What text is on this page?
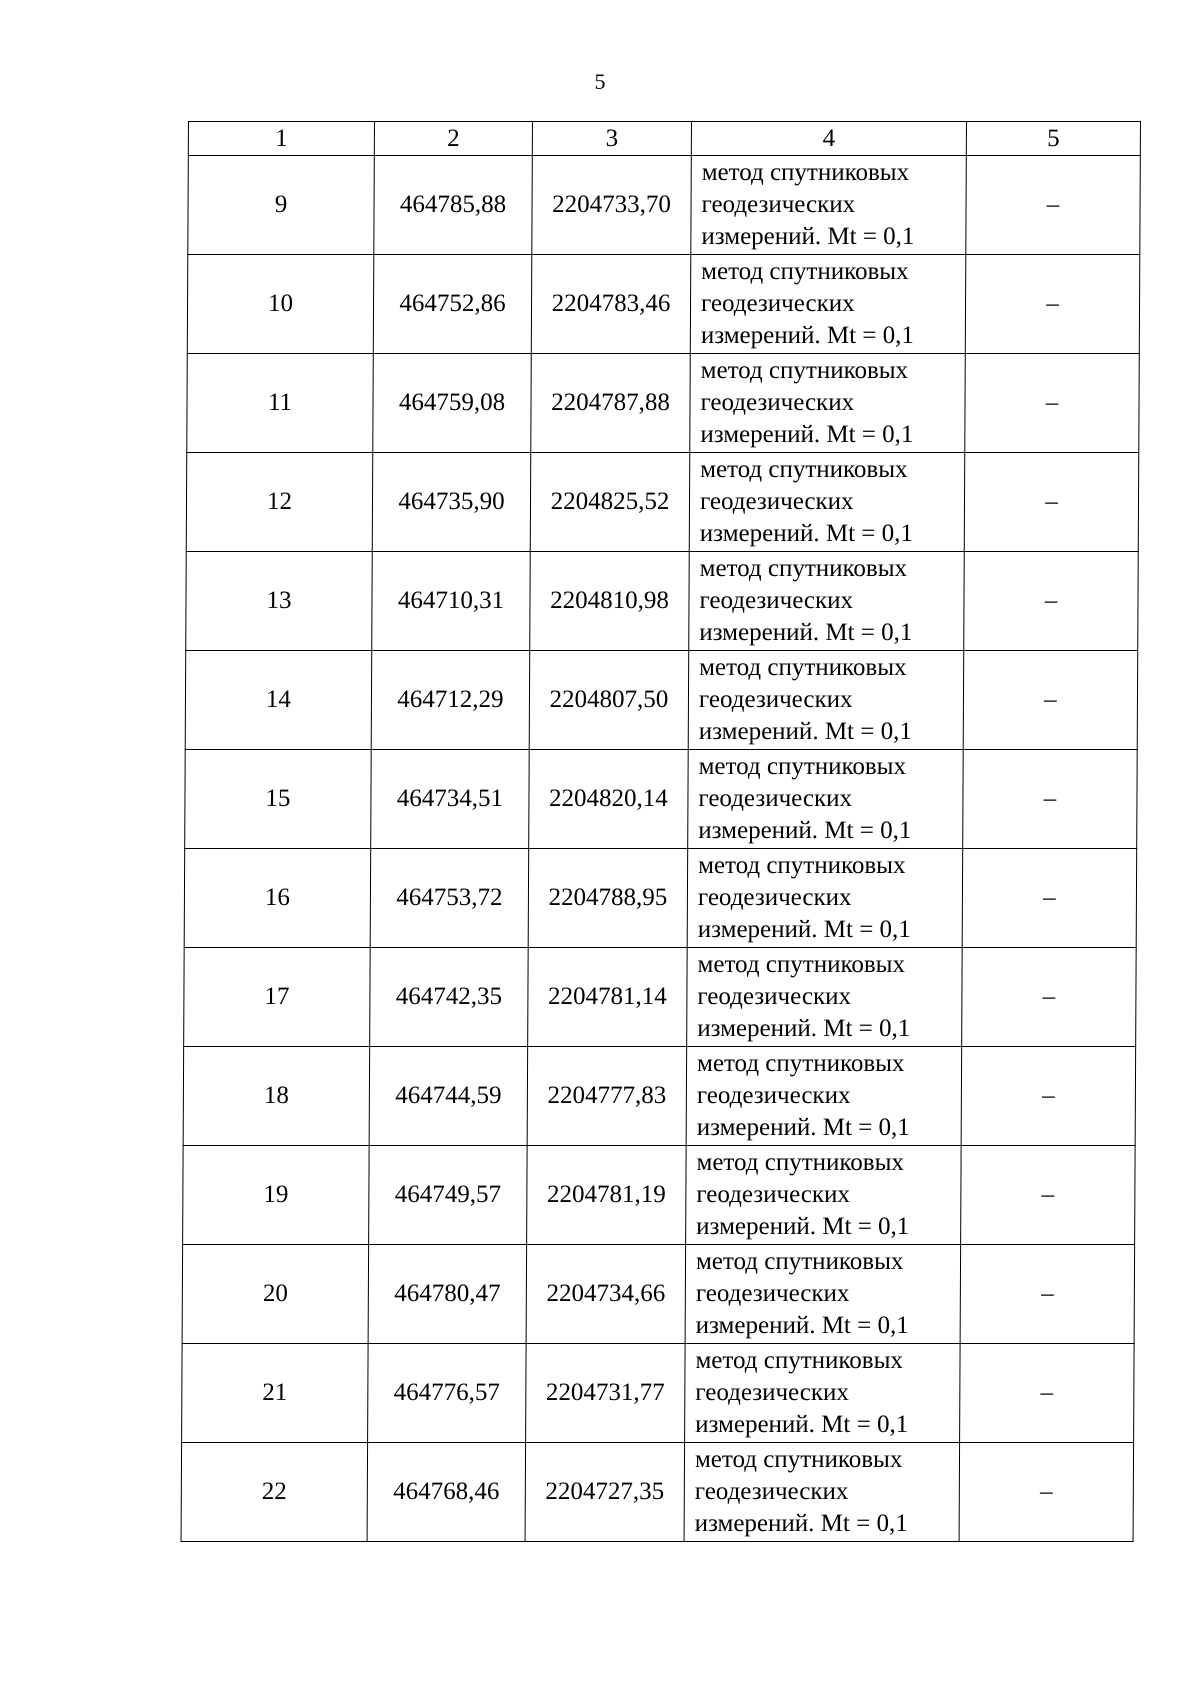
5
1	2	3	4	5
9	464785,88	2204733,70	метод спутниковых
геодезических
измерений. Mt = 0,1	–
10	464752,86	2204783,46	метод спутниковых
геодезических
измерений. Mt = 0,1	–
11	464759,08	2204787,88	метод спутниковых
геодезических
измерений. Mt = 0,1	–
12	464735,90	2204825,52	метод спутниковых
геодезических
измерений. Mt = 0,1	–
13	464710,31	2204810,98	метод спутниковых
геодезических
измерений. Mt = 0,1	–
14	464712,29	2204807,50	метод спутниковых
геодезических
измерений. Mt = 0,1	–
15	464734,51	2204820,14	метод спутниковых
геодезических
измерений. Mt = 0,1	–
16	464753,72	2204788,95	метод спутниковых
геодезических
измерений. Mt = 0,1	–
17	464742,35	2204781,14	метод спутниковых
геодезических
измерений. Mt = 0,1	–
18	464744,59	2204777,83	метод спутниковых
геодезических
измерений. Mt = 0,1	–
19	464749,57	2204781,19	метод спутниковых
геодезических
измерений. Mt = 0,1	–
20	464780,47	2204734,66	метод спутниковых
геодезических
измерений. Mt = 0,1	–
21	464776,57	2204731,77	метод спутниковых
геодезических
измерений. Mt = 0,1	–
22	464768,46	2204727,35	метод спутниковых
геодезических
измерений. Mt = 0,1	–
